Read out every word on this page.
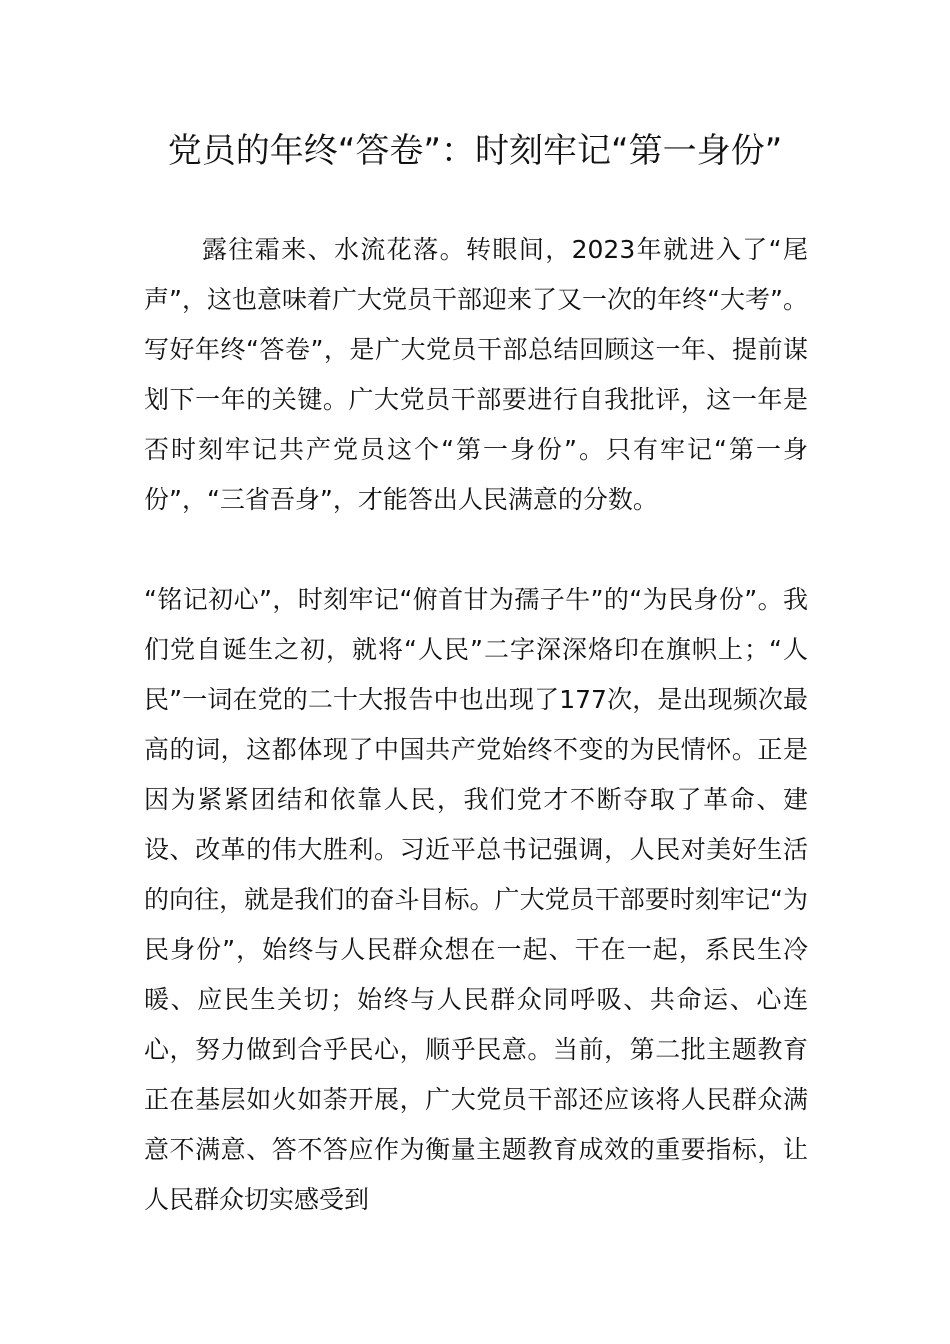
党员的年终“答卷”：时刻牢记“第一身份”

露往霜来、水流花落。转眼间，2023年就进入了“尾声”，这也意味着广大党员干部迎来了又一次的年终“大考”。写好年终“答卷”，是广大党员干部总结回顾这一年、提前谋划下一年的关键。广大党员干部要进行自我批评，这一年是否时刻牢记共产党员这个“第一身份”。只有牢记“第一身份”，“三省吾身”，才能答出人民满意的分数。

“铭记初心”，时刻牢记“俯首甘为孺子牛”的“为民身份”。我们党自诞生之初，就将“人民”二字深深烙印在旗帜上；“人民”一词在党的二十大报告中也出现了177次，是出现频次最高的词，这都体现了中国共产党始终不变的为民情怀。正是因为紧紧团结和依靠人民，我们党才不断夺取了革命、建设、改革的伟大胜利。习近平总书记强调，人民对美好生活的向往，就是我们的奋斗目标。广大党员干部要时刻牢记“为民身份”，始终与人民群众想在一起、干在一起，系民生冷暖、应民生关切；始终与人民群众同呼吸、共命运、心连心，努力做到合乎民心，顺乎民意。当前，第二批主题教育正在基层如火如荼开展，广大党员干部还应该将人民群众满意不满意、答不答应作为衡量主题教育成效的重要指标，让人民群众切实感受到
